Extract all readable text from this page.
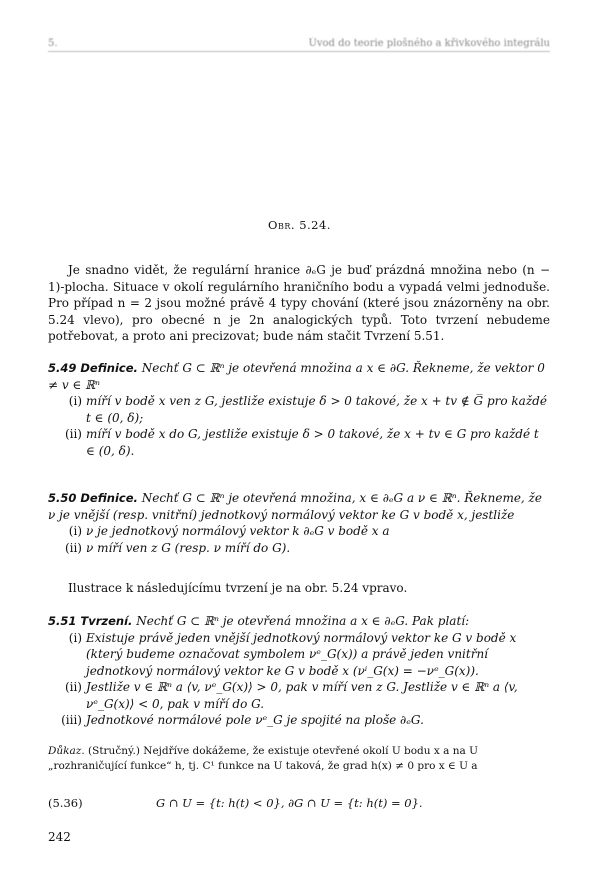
5.	Úvod do teorie plošného a křivkového integrálu
Obr. 5.24.
Je snadno vidět, že regulární hranice ∂ₑG je buď prázdná množina nebo (n − 1)-plocha. Situace v okolí regulárního hraničního bodu a vypadá velmi jednoduše. Pro případ n = 2 jsou možné právě 4 typy chování (které jsou znázorněny na obr. 5.24 vlevo), pro obecné n je 2n analogických typů. Toto tvrzení nebudeme potřebovat, a proto ani precizovat; bude nám stačit Tvrzení 5.51.
5.49 Definice. Nechť G ⊂ ℝⁿ je otevřená množina a x ∈ ∂G. Řekneme, že vektor 0 ≠ v ∈ ℝⁿ
(i) míří v bodě x ven z G, jestliže existuje δ > 0 takové, že x + tv ∉ G̅ pro každé t ∈ (0, δ);
(ii) míří v bodě x do G, jestliže existuje δ > 0 takové, že x + tv ∈ G pro každé t ∈ (0, δ).
5.50 Definice. Nechť G ⊂ ℝⁿ je otevřená množina, x ∈ ∂ₑG a ν ∈ ℝⁿ. Řekneme, že ν je vnější (resp. vnitřní) jednotkový normálový vektor ke G v bodě x, jestliže
(i) ν je jednotkový normálový vektor k ∂ₑG v bodě x a
(ii) ν míří ven z G (resp. ν míří do G).
Ilustrace k následujícímu tvrzení je na obr. 5.24 vpravo.
5.51 Tvrzení. Nechť G ⊂ ℝⁿ je otevřená množina a x ∈ ∂ₑG. Pak platí:
(i) Existuje právě jeden vnější jednotkový normálový vektor ke G v bodě x (který budeme označovat symbolem νᵉ_G(x)) a právě jeden vnitřní jednotkový normálový vektor ke G v bodě x (νⁱ_G(x) = −νᵉ_G(x)).
(ii) Jestliže v ∈ ℝⁿ a ⟨v, νᵉ_G(x)⟩ > 0, pak v míří ven z G. Jestliže v ∈ ℝⁿ a ⟨v, νᵉ_G(x)⟩ < 0, pak v míří do G.
(iii) Jednotkové normálové pole νᵉ_G je spojité na ploše ∂ₑG.
Důkaz. (Stručný.) Nejdříve dokážeme, že existuje otevřené okolí U bodu x a na U „rozhraničující funkce“ h, tj. C¹ funkce na U taková, že grad h(x) ≠ 0 pro x ∈ U a
(5.36)	G ∩ U = {t: h(t) < 0}, ∂G ∩ U = {t: h(t) = 0}.
242
